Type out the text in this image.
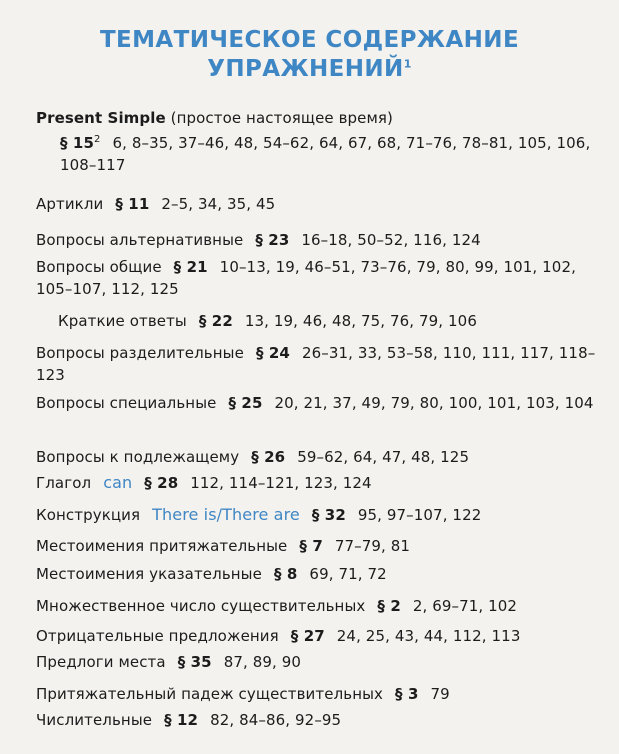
ТЕМАТИЧЕСКОЕ СОДЕРЖАНИЕ
УПРАЖНЕНИЙ$^1$
Present Simple (простое настоящее время)
§ $15^2$ 6, 8–35, 37–46, 48, 54–62, 64, 67, 68, 71–76, 78–81, 105, 106, 108–117
Артикли § 11 2–5, 34, 35, 45
Вопросы альтернативные § 23 16–18, 50–52, 116, 124
Вопросы общие § 21 10–13, 19, 46–51, 73–76, 79, 80, 99, 101, 102, 105–107, 112, 125
Краткие ответы § 22 13, 19, 46, 48, 75, 76, 79, 106
Вопросы разделительные § 24 26–31, 33, 53–58, 110, 111, 117, 118–123
Вопросы специальные § 25 20, 21, 37, 49, 79, 80, 100, 101, 103, 104
Вопросы к подлежащему § 26 59–62, 64, 47, 48, 125
Глагол can § 28 112, 114–121, 123, 124
Конструкция There is/There are § 32 95, 97–107, 122
Местоимения притяжательные § 7 77–79, 81
Местоимения указательные § 8 69, 71, 72
Множественное число существительных § 2 2, 69–71, 102
Отрицательные предложения § 27 24, 25, 43, 44, 112, 113
Предлоги места § 35 87, 89, 90
Притяжательный падеж существительных § 3 79
Числительные § 12 82, 84–86, 92–95
